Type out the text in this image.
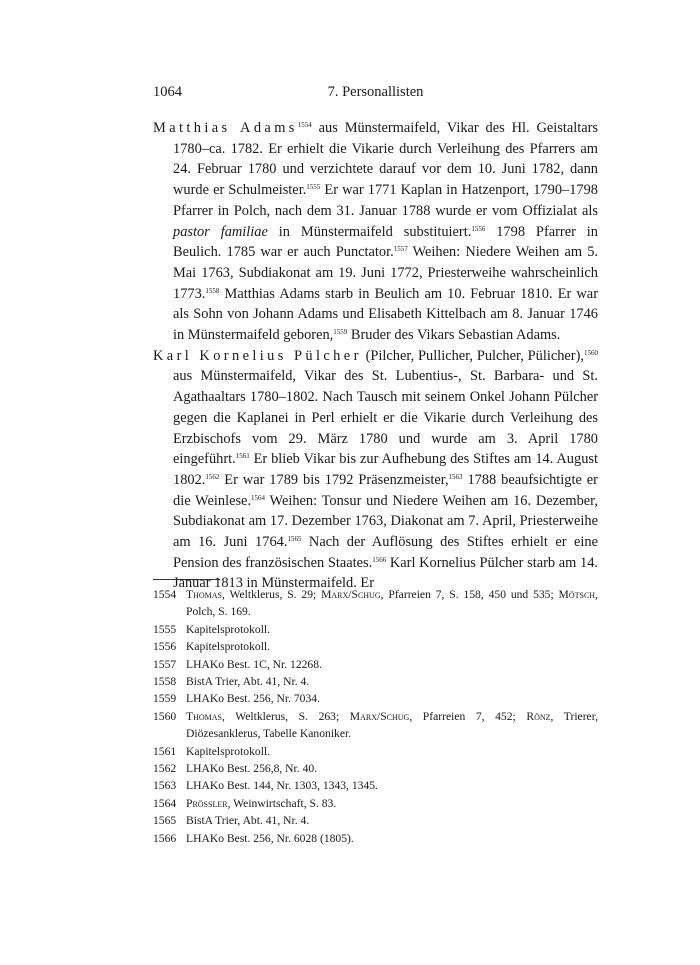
1064	7. Personallisten

Matthias Adams$^{1554}$ aus Münstermaifeld, Vikar des Hl. Geistaltars 1780–ca. 1782. Er erhielt die Vikarie durch Verleihung des Pfarrers am 24. Februar 1780 und verzichtete darauf vor dem 10. Juni 1782, dann wurde er Schulmeister.$^{1555}$ Er war 1771 Kaplan in Hatzenport, 1790–1798 Pfarrer in Polch, nach dem 31. Januar 1788 wurde er vom Offizialat als pastor familiae in Münstermaifeld substituiert.$^{1556}$ 1798 Pfarrer in Beulich. 1785 war er auch Punctator.$^{1557}$ Weihen: Niedere Weihen am 5. Mai 1763, Subdiakonat am 19. Juni 1772, Priesterweihe wahrscheinlich 1773.$^{1558}$ Matthias Adams starb in Beulich am 10. Februar 1810. Er war als Sohn von Johann Adams und Elisabeth Kittelbach am 8. Januar 1746 in Münstermaifeld geboren,$^{1559}$ Bruder des Vikars Sebastian Adams.

Karl Kornelius Pülcher (Pilcher, Pullicher, Pulcher, Pülicher),$^{1560}$ aus Münstermaifeld, Vikar des St. Lubentius-, St. Barbara- und St. Agathaaltars 1780–1802. Nach Tausch mit seinem Onkel Johann Pülcher gegen die Kaplanei in Perl erhielt er die Vikarie durch Verleihung des Erzbischofs vom 29. März 1780 und wurde am 3. April 1780 eingeführt.$^{1561}$ Er blieb Vikar bis zur Aufhebung des Stiftes am 14. August 1802.$^{1562}$ Er war 1789 bis 1792 Präsenzmeister,$^{1563}$ 1788 beaufsichtigte er die Weinlese.$^{1564}$ Weihen: Tonsur und Niedere Weihen am 16. Dezember, Subdiakonat am 17. Dezember 1763, Diakonat am 7. April, Priesterweihe am 16. Juni 1764.$^{1565}$ Nach der Auflösung des Stiftes erhielt er eine Pension des französischen Staates.$^{1566}$ Karl Kornelius Pülcher starb am 14. Januar 1813 in Münstermaifeld. Er

1554 Thomas, Weltklerus, S. 29; Marx/Schug, Pfarreien 7, S. 158, 450 und 535; Mötsch, Polch, S. 169.
1555 Kapitelsprotokoll.
1556 Kapitelsprotokoll.
1557 LHAKo Best. 1C, Nr. 12268.
1558 BistA Trier, Abt. 41, Nr. 4.
1559 LHAKo Best. 256, Nr. 7034.
1560 Thomas, Weltklerus, S. 263; Marx/Schug, Pfarreien 7, 452; Rönz, Trierer, Diözesanklerus, Tabelle Kanoniker.
1561 Kapitelsprotokoll.
1562 LHAKo Best. 256,8, Nr. 40.
1563 LHAKo Best. 144, Nr. 1303, 1343, 1345.
1564 Prössler, Weinwirtschaft, S. 83.
1565 BistA Trier, Abt. 41, Nr. 4.
1566 LHAKo Best. 256, Nr. 6028 (1805).
